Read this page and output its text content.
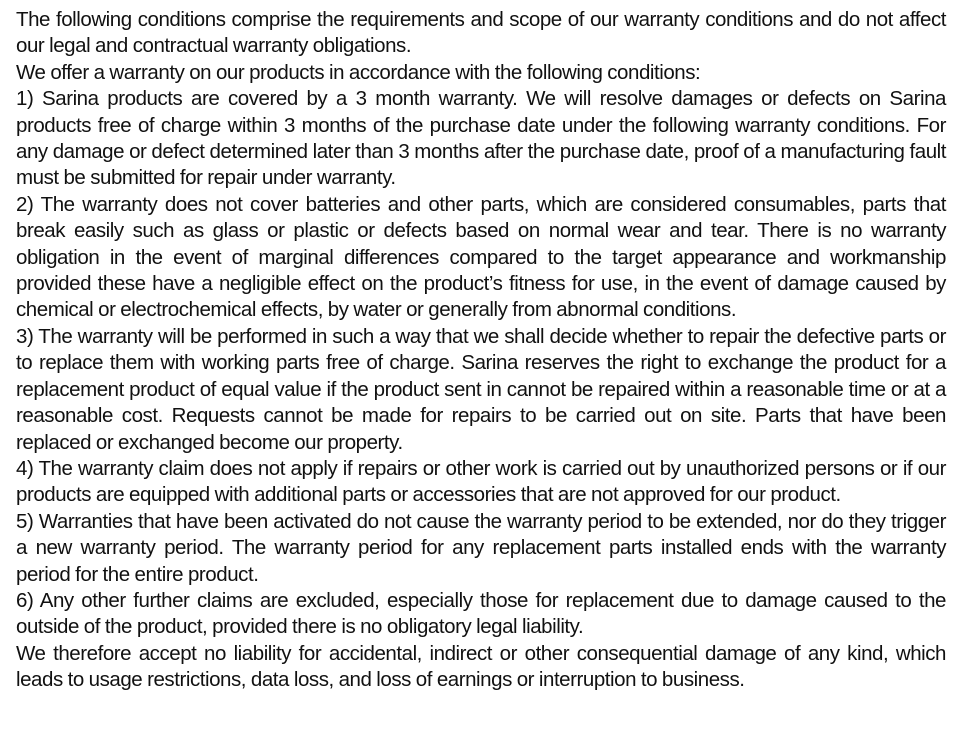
The following conditions comprise the requirements and scope of our warranty conditions and do not affect our legal and contractual warranty obligations.

We offer a warranty on our products in accordance with the following conditions:

1) Sarina products are covered by a 3 month warranty. We will resolve damages or defects on Sarina products free of charge within 3 months of the purchase date under the following warranty conditions. For any damage or defect determined later than 3 months after the purchase date, proof of a manufacturing fault must be submitted for repair under warranty.

2) The warranty does not cover batteries and other parts, which are considered consumables, parts that break easily such as glass or plastic or defects based on normal wear and tear. There is no warranty obligation in the event of marginal differences compared to the target appearance and workmanship provided these have a negligible effect on the product’s fitness for use, in the event of damage caused by chemical or electrochemical effects, by water or generally from abnormal conditions.

3) The warranty will be performed in such a way that we shall decide whether to repair the defective parts or to replace them with working parts free of charge. Sarina reserves the right to exchange the product for a replacement product of equal value if the product sent in cannot be repaired within a reasonable time or at a reasonable cost. Requests cannot be made for repairs to be carried out on site. Parts that have been replaced or exchanged become our property.

4) The warranty claim does not apply if repairs or other work is carried out by unauthorized persons or if our products are equipped with additional parts or accessories that are not approved for our product.

5) Warranties that have been activated do not cause the warranty period to be extended, nor do they trigger a new warranty period. The warranty period for any replacement parts installed ends with the warranty period for the entire product.

6) Any other further claims are excluded, especially those for replacement due to damage caused to the outside of the product, provided there is no obligatory legal liability.

We therefore accept no liability for accidental, indirect or other consequential damage of any kind, which leads to usage restrictions, data loss, and loss of earnings or interruption to business.
